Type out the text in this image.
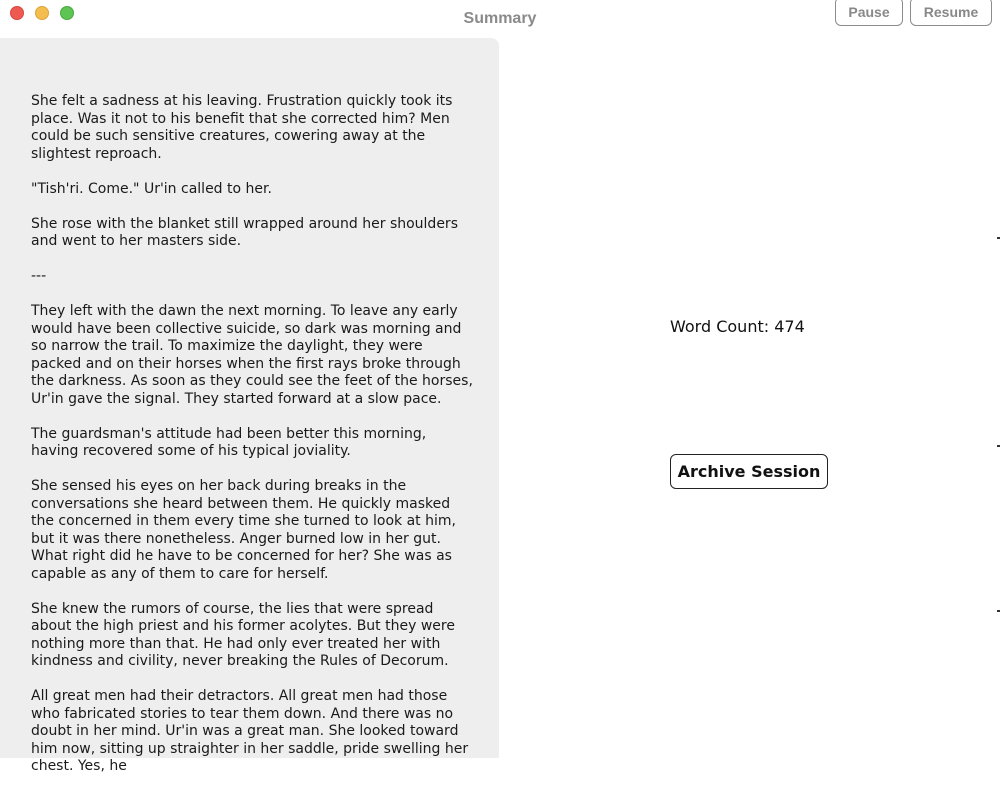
Summary	Pause	Resume

She felt a sadness at his leaving. Frustration quickly took its place. Was it not to his benefit that she corrected him? Men could be such sensitive creatures, cowering away at the slightest reproach.

"Tish'ri. Come." Ur'in called to her.

She rose with the blanket still wrapped around her shoulders and went to her masters side.

---

They left with the dawn the next morning. To leave any early would have been collective suicide, so dark was morning and so narrow the trail. To maximize the daylight, they were packed and on their horses when the first rays broke through the darkness. As soon as they could see the feet of the horses, Ur'in gave the signal. They started forward at a slow pace.

The guardsman's attitude had been better this morning, having recovered some of his typical joviality.

She sensed his eyes on her back during breaks in the conversations she heard between them. He quickly masked the concerned in them every time she turned to look at him, but it was there nonetheless. Anger burned low in her gut. What right did he have to be concerned for her? She was as capable as any of them to care for herself.

She knew the rumors of course, the lies that were spread about the high priest and his former acolytes. But they were nothing more than that. He had only ever treated her with kindness and civility, never breaking the Rules of Decorum.

All great men had their detractors. All great men had those who fabricated stories to tear them down. And there was no doubt in her mind. Ur'in was a great man. She looked toward him now, sitting up straighter in her saddle, pride swelling her chest. Yes, he

Word Count: 474
Archive Session
